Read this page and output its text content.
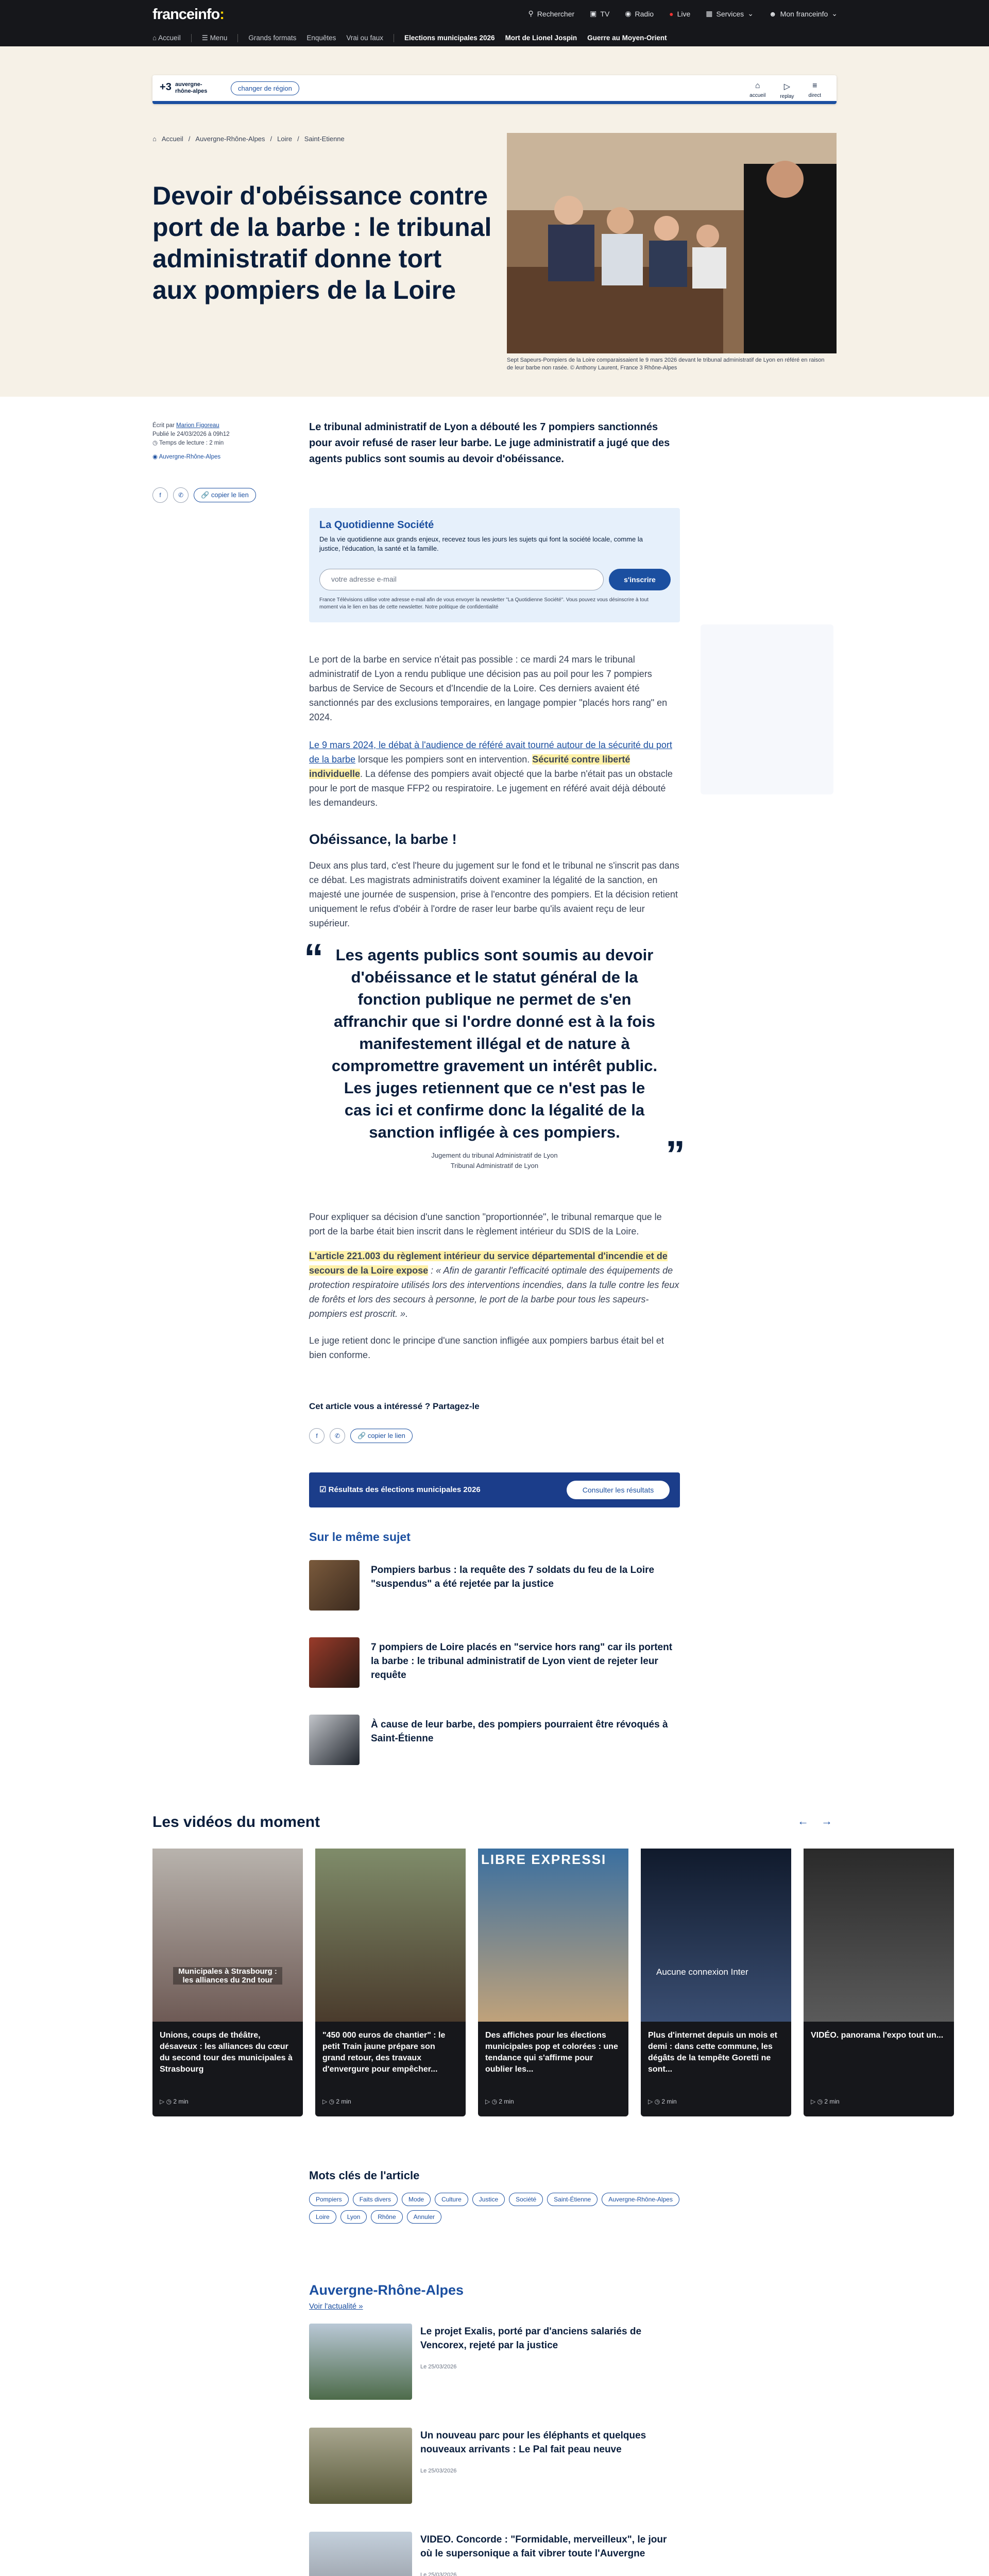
franceinfo:	⚲ Rechercher ▣ TV ◉ Radio ● Live ▦ Services ⌄ ☻ Mon franceinfo ⌄
⌂ Accueil	☰ Menu	Grands formats Enquêtes Vrai ou faux	Elections municipales 2026 Mort de Lionel Jospin Guerre au Moyen-Orient
+3 auvergne-
rhône-alpes	changer de région	⌂
accueil
▷
replay
≡
direct
⌂ Accueil / Auvergne-Rhône-Alpes / Loire / Saint-Etienne
Devoir d'obéissance contre port de la barbe : le tribunal administratif donne tort aux pompiers de la Loire

Sept Sapeurs-Pompiers de la Loire comparaissaient le 9 mars 2026 devant le tribunal administratif de Lyon en référé en raison de leur barbe non rasée. © Anthony Laurent, France 3 Rhône-Alpes

Écrit par Marion Figoreau
Publié le 24/03/2026 à 09h12
◷ Temps de lecture : 2 min
◉ Auvergne-Rhône-Alpes
f	✆	🔗 copier le lien

Le tribunal administratif de Lyon a débouté les 7 pompiers sanctionnés pour avoir refusé de raser leur barbe. Le juge administratif a jugé que des agents publics sont soumis au devoir d'obéissance.

La Quotidienne Société
De la vie quotidienne aux grands enjeux, recevez tous les jours les sujets qui font la société locale, comme la justice, l'éducation, la santé et la famille.
votre adresse e-mail	s'inscrire
France Télévisions utilise votre adresse e-mail afin de vous envoyer la newsletter "La Quotidienne Société". Vous pouvez vous désinscrire à tout moment via le lien en bas de cette newsletter. Notre politique de confidentialité

Le port de la barbe en service n'était pas possible : ce mardi 24 mars le tribunal administratif de Lyon a rendu publique une décision pas au poil pour les 7 pompiers barbus de Service de Secours et d'Incendie de la Loire. Ces derniers avaient été sanctionnés par des exclusions temporaires, en langage pompier "placés hors rang" en 2024.

Le 9 mars 2024, le débat à l'audience de référé avait tourné autour de la sécurité du port de la barbe lorsque les pompiers sont en intervention. Sécurité contre liberté individuelle. La défense des pompiers avait objecté que la barbe n'était pas un obstacle pour le port de masque FFP2 ou respiratoire. Le jugement en référé avait déjà débouté les demandeurs.

Obéissance, la barbe !

Deux ans plus tard, c'est l'heure du jugement sur le fond et le tribunal ne s'inscrit pas dans ce débat. Les magistrats administratifs doivent examiner la légalité de la sanction, en majesté une journée de suspension, prise à l'encontre des pompiers. Et la décision retient uniquement le refus d'obéir à l'ordre de raser leur barbe qu'ils avaient reçu de leur supérieur.

“ Les agents publics sont soumis au devoir d'obéissance et le statut général de la fonction publique ne permet de s'en affranchir que si l'ordre donné est à la fois manifestement illégal et de nature à compromettre gravement un intérêt public. Les juges retiennent que ce n'est pas le cas ici et confirme donc la légalité de la sanction infligée à ces pompiers.
”
Jugement du tribunal Administratif de Lyon
Tribunal Administratif de Lyon

Pour expliquer sa décision d'une sanction "proportionnée", le tribunal remarque que le port de la barbe était bien inscrit dans le règlement intérieur du SDIS de la Loire.

L'article 221.003 du règlement intérieur du service départemental d'incendie et de secours de la Loire expose : « Afin de garantir l'efficacité optimale des équipements de protection respiratoire utilisés lors des interventions incendies, dans la tulle contre les feux de forêts et lors des secours à personne, le port de la barbe pour tous les sapeurs-pompiers est proscrit. ».

Le juge retient donc le principe d'une sanction infligée aux pompiers barbus était bel et bien conforme.

Cet article vous a intéressé ? Partagez-le
f	✆	🔗 copier le lien
☑ Résultats des élections municipales 2026	Consulter les résultats
Sur le même sujet
Pompiers barbus : la requête des 7 soldats du feu de la Loire "suspendus" a été rejetée par la justice
7 pompiers de Loire placés en "service hors rang" car ils portent la barbe : le tribunal administratif de Lyon vient de rejeter leur requête
À cause de leur barbe, des pompiers pourraient être révoqués à Saint-Étienne
Les vidéos du moment	← →
Municipales à Strasbourg : les alliances du 2nd tour
Unions, coups de théâtre, désaveux : les alliances du cœur du second tour des municipales à Strasbourg
▷ ◷ 2 min
"450 000 euros de chantier" : le petit Train jaune prépare son grand retour, des travaux d'envergure pour empêcher...
▷ ◷ 2 min
LIBRE EXPRESSI
Des affiches pour les élections municipales pop et colorées : une tendance qui s'affirme pour oublier les...
▷ ◷ 2 min
Aucune connexion Inter
Plus d'internet depuis un mois et demi : dans cette commune, les dégâts de la tempête Goretti ne sont...
▷ ◷ 2 min
VIDÉO. panorama l'expo tout un...
▷ ◷ 2 min
Mots clés de l'article
Pompiers	Faits divers	Mode	Culture	Justice	Société	Saint-Étienne	Auvergne-Rhône-Alpes
Loire	Lyon	Rhône	Annuler
Auvergne-Rhône-Alpes
Voir l'actualité »
Le projet Exalis, porté par d'anciens salariés de Vencorex, rejeté par la justice
Le 25/03/2026
Un nouveau parc pour les éléphants et quelques nouveaux arrivants : Le Pal fait peau neuve
Le 25/03/2026
VIDEO. Concorde : "Formidable, merveilleux", le jour où le supersonique a fait vibrer toute l'Auvergne
Le 25/03/2026
